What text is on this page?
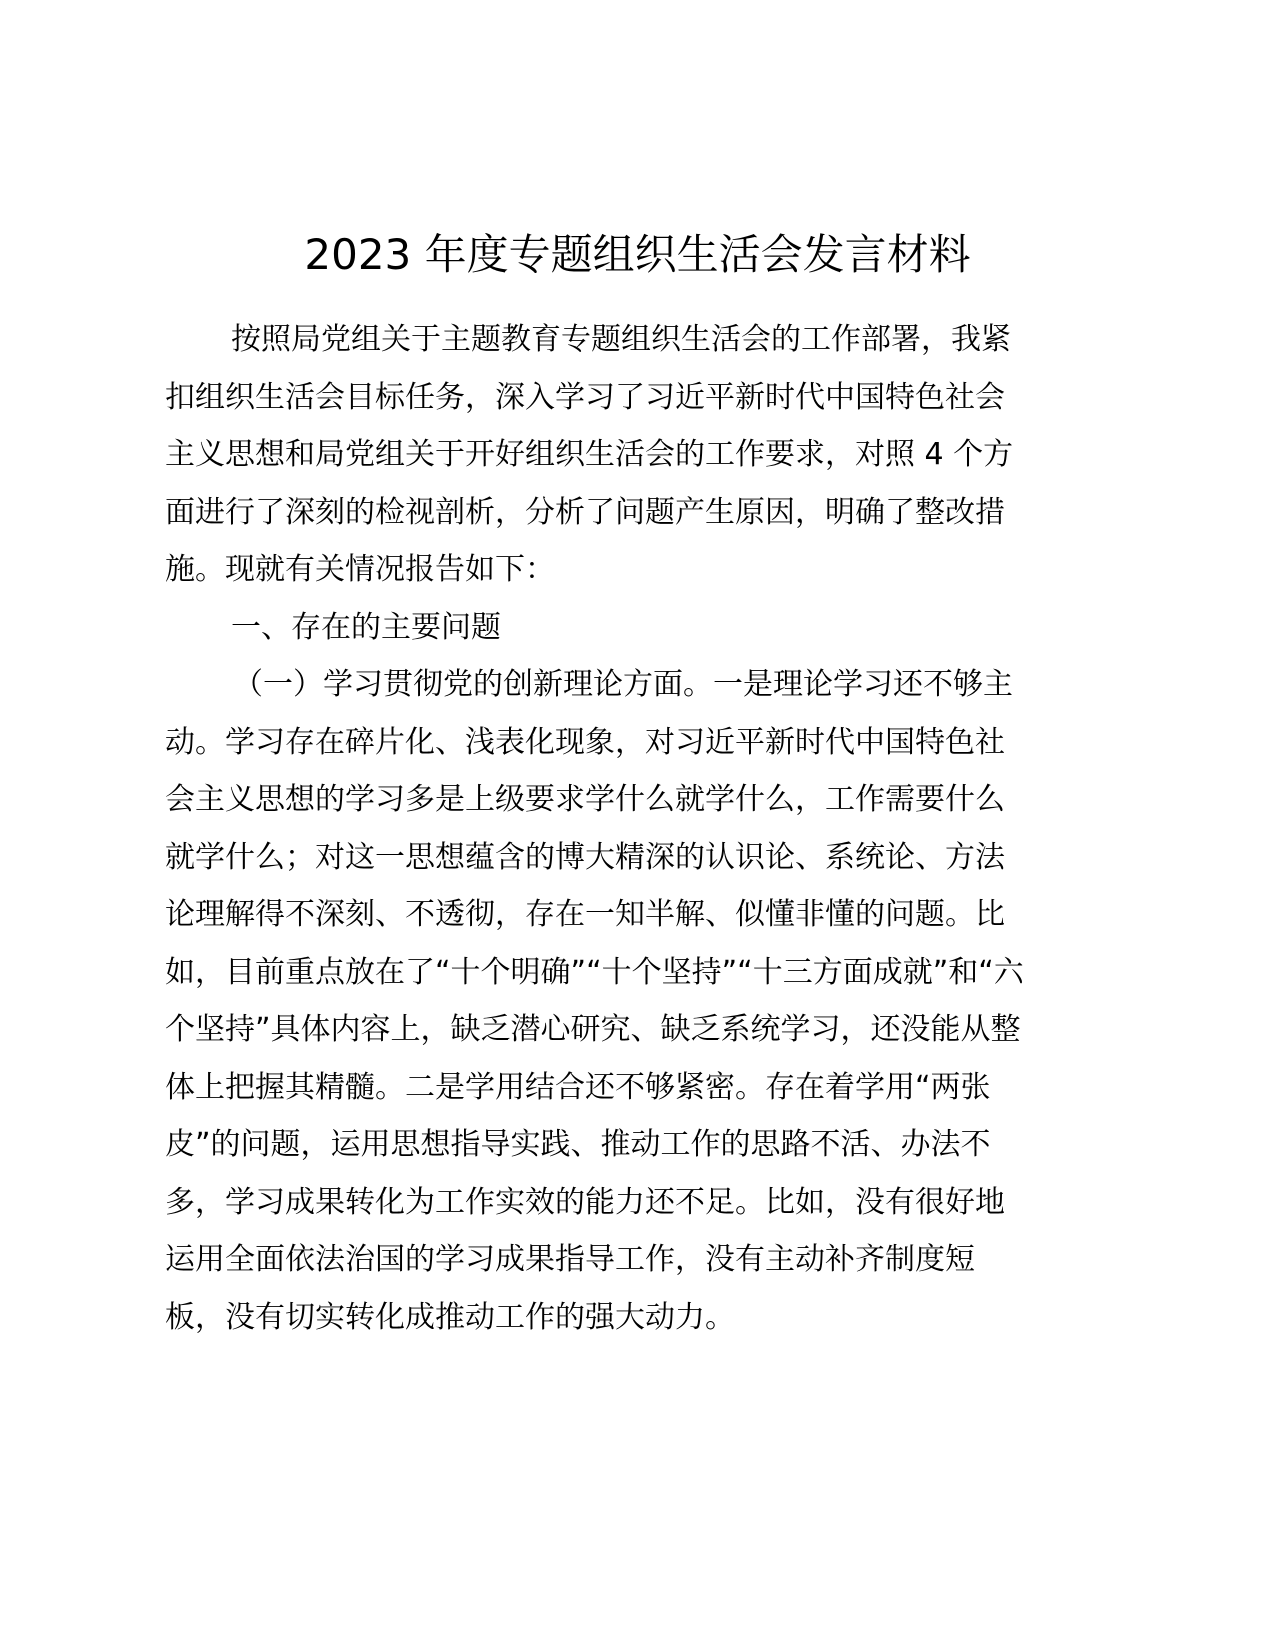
2023 年度专题组织生活会发言材料
按照局党组关于主题教育专题组织生活会的工作部署，我紧
扣组织生活会目标任务，深入学习了习近平新时代中国特色社会
主义思想和局党组关于开好组织生活会的工作要求，对照 4 个方
面进行了深刻的检视剖析，分析了问题产生原因，明确了整改措
施。现就有关情况报告如下：
一、存在的主要问题
（一）学习贯彻党的创新理论方面。一是理论学习还不够主
动。学习存在碎片化、浅表化现象，对习近平新时代中国特色社
会主义思想的学习多是上级要求学什么就学什么，工作需要什么
就学什么；对这一思想蕴含的博大精深的认识论、系统论、方法
论理解得不深刻、不透彻，存在一知半解、似懂非懂的问题。比
如，目前重点放在了“十个明确”“十个坚持”“十三方面成就”和“六
个坚持”具体内容上，缺乏潜心研究、缺乏系统学习，还没能从整
体上把握其精髓。二是学用结合还不够紧密。存在着学用“两张
皮”的问题，运用思想指导实践、推动工作的思路不活、办法不
多，学习成果转化为工作实效的能力还不足。比如，没有很好地
运用全面依法治国的学习成果指导工作，没有主动补齐制度短
板，没有切实转化成推动工作的强大动力。
